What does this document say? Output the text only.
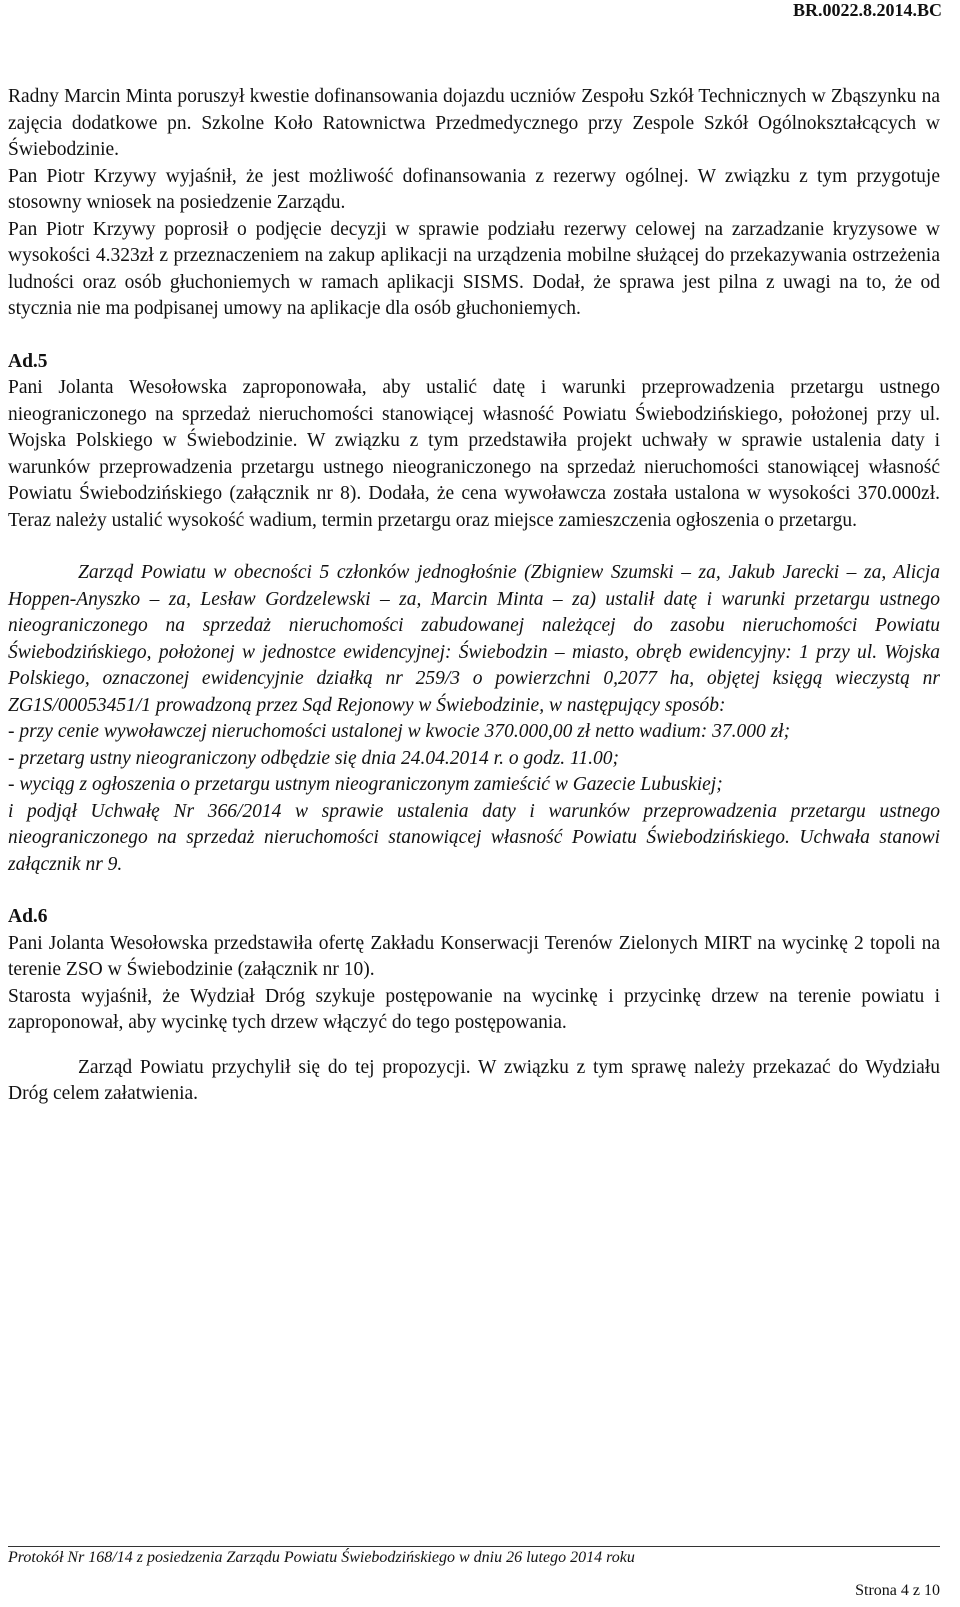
BR.0022.8.2014.BC

Radny Marcin Minta poruszył kwestie dofinansowania dojazdu uczniów Zespołu Szkół Technicznych w Zbąszynku na zajęcia dodatkowe pn. Szkolne Koło Ratownictwa Przedmedycznego przy Zespole Szkół Ogólnokształcących w Świebodzinie.

Pan Piotr Krzywy wyjaśnił, że jest możliwość dofinansowania z rezerwy ogólnej. W związku z tym przygotuje stosowny wniosek na posiedzenie Zarządu.

Pan Piotr Krzywy poprosił o podjęcie decyzji w sprawie podziału rezerwy celowej na zarzadzanie kryzysowe w wysokości 4.323zł z przeznaczeniem na zakup aplikacji na urządzenia mobilne służącej do przekazywania ostrzeżenia ludności oraz osób głuchoniemych w ramach aplikacji SISMS. Dodał, że sprawa jest pilna z uwagi na to, że od stycznia nie ma podpisanej umowy na aplikacje dla osób głuchoniemych.

Ad.5

Pani Jolanta Wesołowska zaproponowała, aby ustalić datę i warunki przeprowadzenia przetargu ustnego nieograniczonego na sprzedaż nieruchomości stanowiącej własność Powiatu Świebodzińskiego, położonej przy ul. Wojska Polskiego w Świebodzinie. W związku z tym przedstawiła projekt uchwały w sprawie ustalenia daty i warunków przeprowadzenia przetargu ustnego nieograniczonego na sprzedaż nieruchomości stanowiącej własność Powiatu Świebodzińskiego (załącznik nr 8). Dodała, że cena wywoławcza została ustalona w wysokości 370.000zł. Teraz należy ustalić wysokość wadium, termin przetargu oraz miejsce zamieszczenia ogłoszenia o przetargu.

Zarząd Powiatu w obecności 5 członków jednogłośnie (Zbigniew Szumski – za, Jakub Jarecki – za, Alicja Hoppen-Anyszko – za, Lesław Gordzelewski – za, Marcin Minta – za) ustalił datę i warunki przetargu ustnego nieograniczonego na sprzedaż nieruchomości zabudowanej należącej do zasobu nieruchomości Powiatu Świebodzińskiego, położonej w jednostce ewidencyjnej: Świebodzin – miasto, obręb ewidencyjny: 1 przy ul. Wojska Polskiego, oznaczonej ewidencyjnie działką nr 259/3 o powierzchni 0,2077 ha, objętej księgą wieczystą nr ZG1S/00053451/1 prowadzoną przez Sąd Rejonowy w Świebodzinie, w następujący sposób:

- przy cenie wywoławczej nieruchomości ustalonej w kwocie 370.000,00 zł netto wadium: 37.000 zł;

- przetarg ustny nieograniczony odbędzie się dnia 24.04.2014 r. o godz. 11.00;

- wyciąg z ogłoszenia o przetargu ustnym nieograniczonym zamieścić w Gazecie Lubuskiej;

i podjął Uchwałę Nr 366/2014 w sprawie ustalenia daty i warunków przeprowadzenia przetargu ustnego nieograniczonego na sprzedaż nieruchomości stanowiącej własność Powiatu Świebodzińskiego. Uchwała stanowi załącznik nr 9.

Ad.6

Pani Jolanta Wesołowska przedstawiła ofertę Zakładu Konserwacji Terenów Zielonych MIRT na wycinkę 2 topoli na terenie ZSO w Świebodzinie (załącznik nr 10).

Starosta wyjaśnił, że Wydział Dróg szykuje postępowanie na wycinkę i przycinkę drzew na terenie powiatu i zaproponował, aby wycinkę tych drzew włączyć do tego postępowania.

Zarząd Powiatu przychylił się do tej propozycji. W związku z tym sprawę należy przekazać do Wydziału Dróg celem załatwienia.

Protokół Nr 168/14 z posiedzenia Zarządu Powiatu Świebodzińskiego w dniu 26 lutego 2014 roku
Strona 4 z 10
